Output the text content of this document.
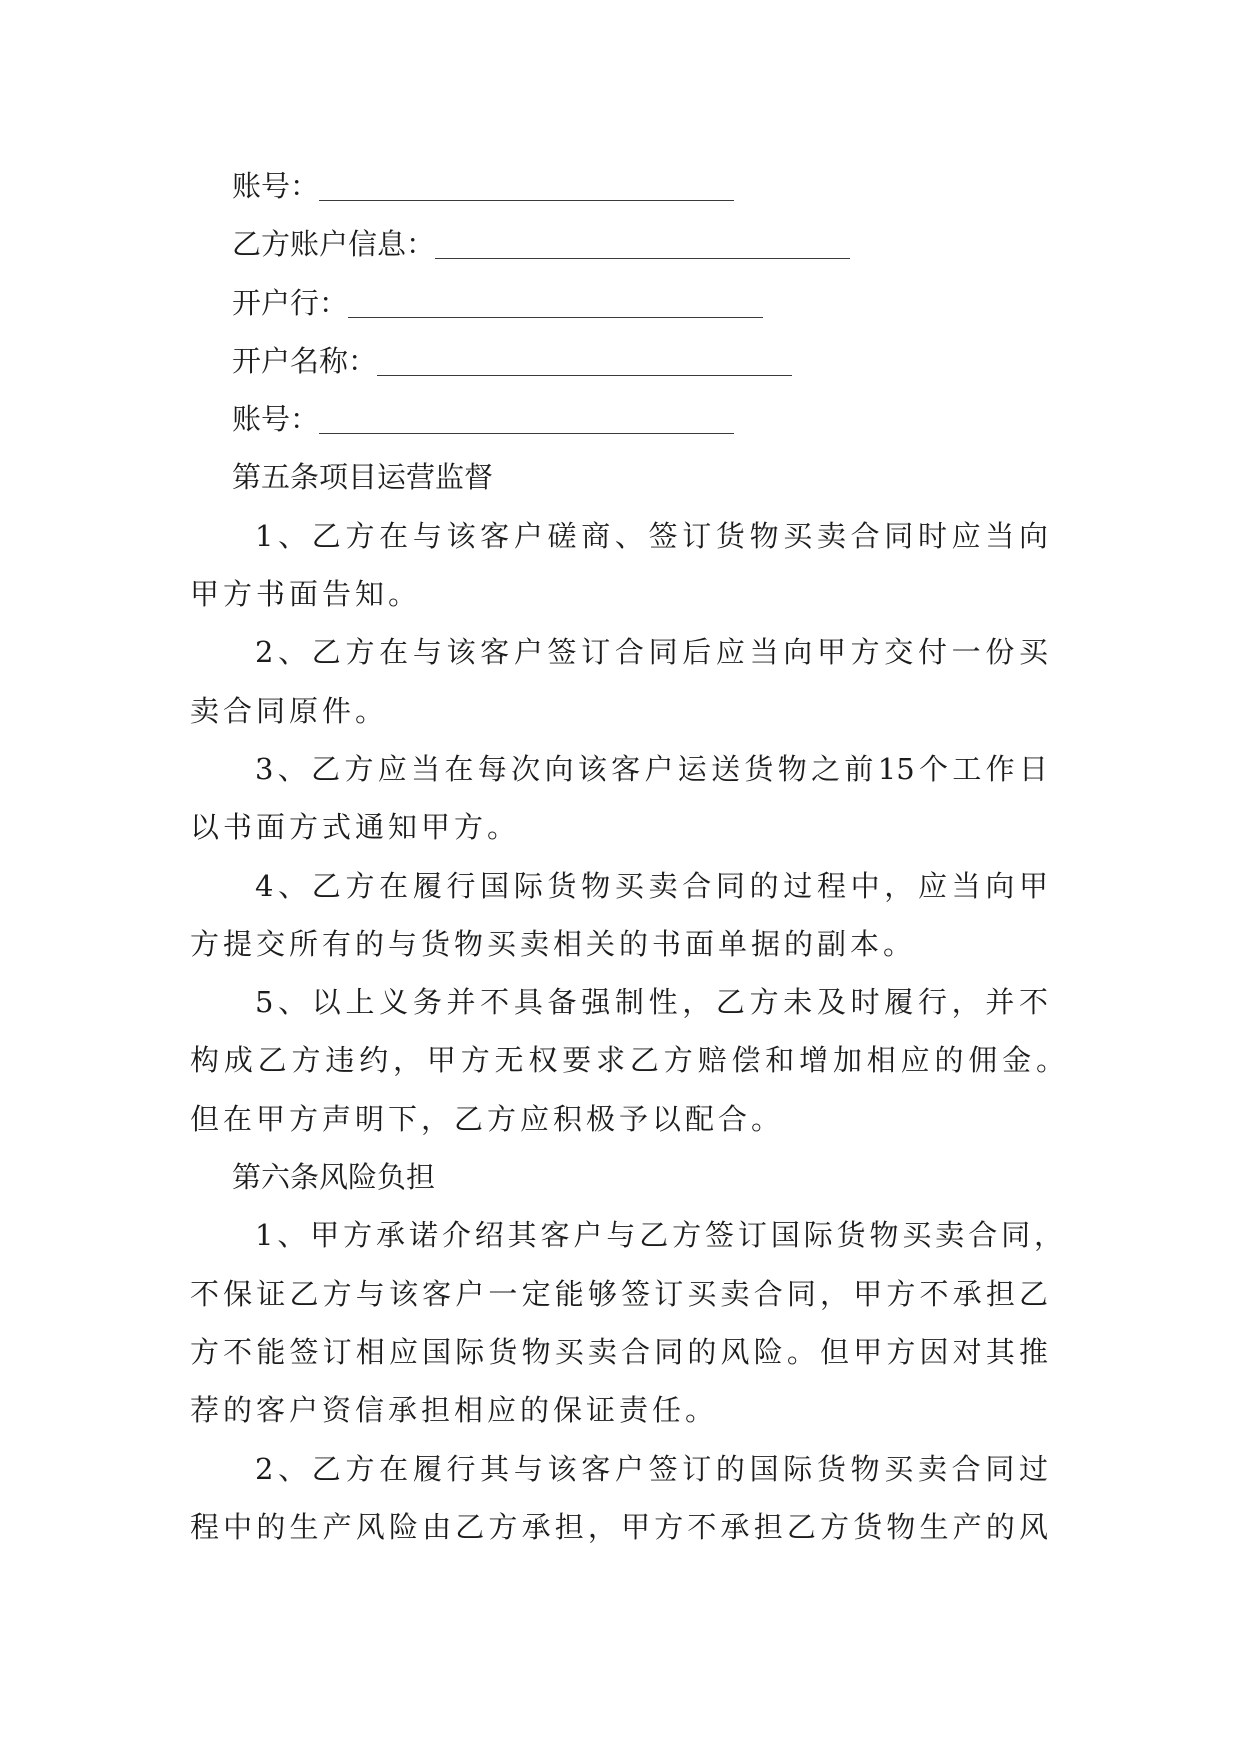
账号：
乙方账户信息：
开户行：
开户名称：
账号：
第五条项目运营监督
1、乙方在与该客户磋商、签订货物买卖合同时应当向
甲方书面告知。
2、乙方在与该客户签订合同后应当向甲方交付一份买
卖合同原件。
3、乙方应当在每次向该客户运送货物之前15个工作日
以书面方式通知甲方。
4、乙方在履行国际货物买卖合同的过程中，应当向甲
方提交所有的与货物买卖相关的书面单据的副本。
5、以上义务并不具备强制性，乙方未及时履行，并不
构成乙方违约，甲方无权要求乙方赔偿和增加相应的佣金。
但在甲方声明下，乙方应积极予以配合。
第六条风险负担
1、甲方承诺介绍其客户与乙方签订国际货物买卖合同，
不保证乙方与该客户一定能够签订买卖合同，甲方不承担乙
方不能签订相应国际货物买卖合同的风险。但甲方因对其推
荐的客户资信承担相应的保证责任。
2、乙方在履行其与该客户签订的国际货物买卖合同过
程中的生产风险由乙方承担，甲方不承担乙方货物生产的风
